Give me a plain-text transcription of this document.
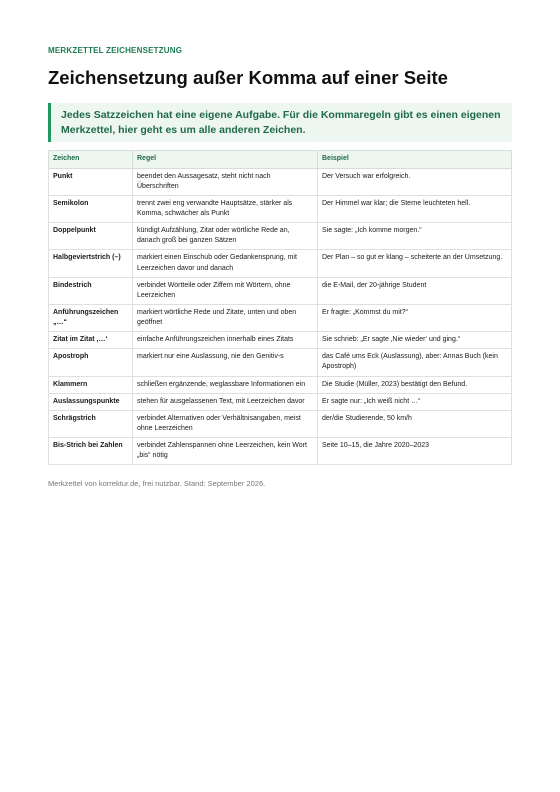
MERKZETTEL ZEICHENSETZUNG
Zeichensetzung außer Komma auf einer Seite
Jedes Satzzeichen hat eine eigene Aufgabe. Für die Kommaregeln gibt es einen eigenen Merkzettel, hier geht es um alle anderen Zeichen.
Zeichen	Regel	Beispiel
Punkt	beendet den Aussagesatz, steht nicht nach Überschriften	Der Versuch war erfolgreich.
Semikolon	trennt zwei eng verwandte Hauptsätze, stärker als Komma, schwächer als Punkt	Der Himmel war klar; die Sterne leuchteten hell.
Doppelpunkt	kündigt Aufzählung, Zitat oder wörtliche Rede an, danach groß bei ganzen Sätzen	Sie sagte: „Ich komme morgen.“
Halbgeviertstrich (–)	markiert einen Einschub oder Gedankensprung, mit Leerzeichen davor und danach	Der Plan – so gut er klang – scheiterte an der Umsetzung.
Bindestrich	verbindet Wortteile oder Ziffern mit Wörtern, ohne Leerzeichen	die E-Mail, der 20-jährige Student
Anführungszeichen „…“	markiert wörtliche Rede und Zitate, unten und oben geöffnet	Er fragte: „Kommst du mit?“
Zitat im Zitat ‚…‘	einfache Anführungszeichen innerhalb eines Zitats	Sie schrieb: „Er sagte ‚Nie wieder‘ und ging.“
Apostroph	markiert nur eine Auslassung, nie den Genitiv-s	das Café ums Eck (Auslassung), aber: Annas Buch (kein Apostroph)
Klammern	schließen ergänzende, weglassbare Informationen ein	Die Studie (Müller, 2023) bestätigt den Befund.
Auslassungspunkte	stehen für ausgelassenen Text, mit Leerzeichen davor	Er sagte nur: „Ich weiß nicht …“
Schrägstrich	verbindet Alternativen oder Verhältnisangaben, meist ohne Leerzeichen	der/die Studierende, 50 km/h
Bis-Strich bei Zahlen	verbindet Zahlenspannen ohne Leerzeichen, kein Wort „bis“ nötig	Seite 10–15, die Jahre 2020–2023
Merkzettel von korrektur.de, frei nutzbar. Stand: September 2026.
